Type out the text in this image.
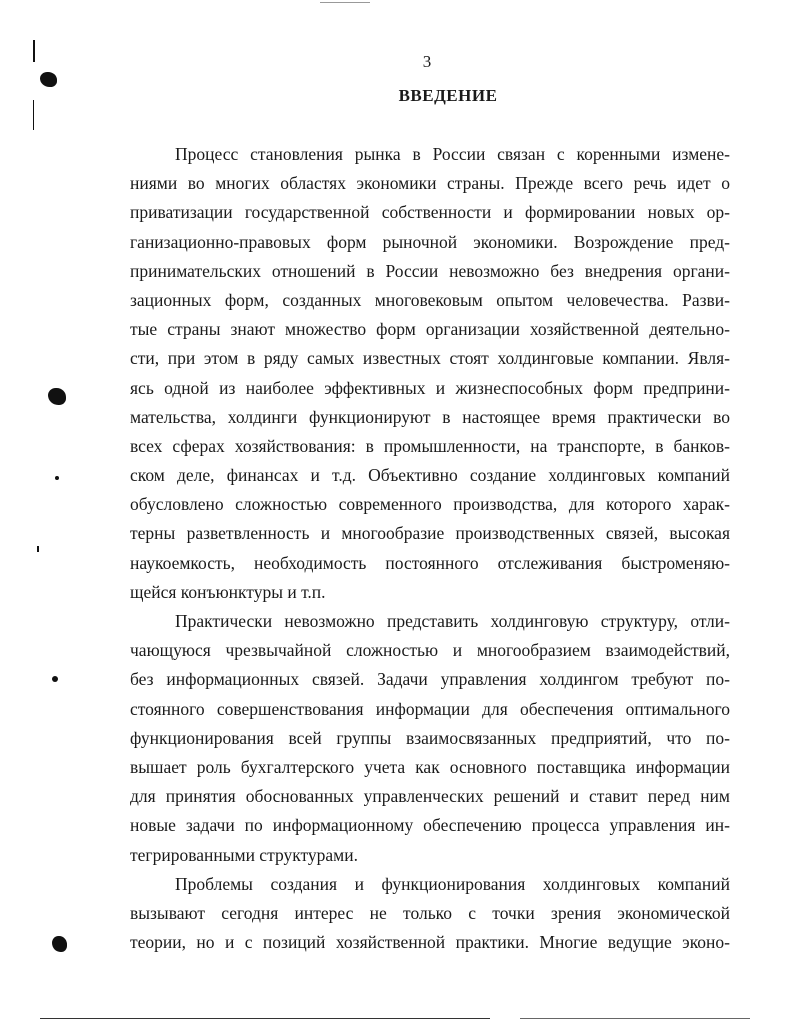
3
ВВЕДЕНИЕ
Процесс становления рынка в России связан с коренными измене-
ниями во многих областях экономики страны. Прежде всего речь идет о
приватизации государственной собственности и формировании новых ор-
ганизационно-правовых форм рыночной экономики. Возрождение пред-
принимательских отношений в России невозможно без внедрения органи-
зационных форм, созданных многовековым опытом человечества. Разви-
тые страны знают множество форм организации хозяйственной деятельно-
сти, при этом в ряду самых известных стоят холдинговые компании. Явля-
ясь одной из наиболее эффективных и жизнеспособных форм предприни-
мательства, холдинги функционируют в настоящее время практически во
всех сферах хозяйствования: в промышленности, на транспорте, в банков-
ском деле, финансах и т.д. Объективно создание холдинговых компаний
обусловлено сложностью современного производства, для которого харак-
терны разветвленность и многообразие производственных связей, высокая
наукоемкость, необходимость постоянного отслеживания быстроменяю-
щейся конъюнктуры и т.п.
Практически невозможно представить холдинговую структуру, отли-
чающуюся чрезвычайной сложностью и многообразием взаимодействий,
без информационных связей. Задачи управления холдингом требуют по-
стоянного совершенствования информации для обеспечения оптимального
функционирования всей группы взаимосвязанных предприятий, что по-
вышает роль бухгалтерского учета как основного поставщика информации
для принятия обоснованных управленческих решений и ставит перед ним
новые задачи по информационному обеспечению процесса управления ин-
тегрированными структурами.
Проблемы создания и функционирования холдинговых компаний
вызывают сегодня интерес не только с точки зрения экономической
теории, но и с позиций хозяйственной практики. Многие ведущие эконо-
